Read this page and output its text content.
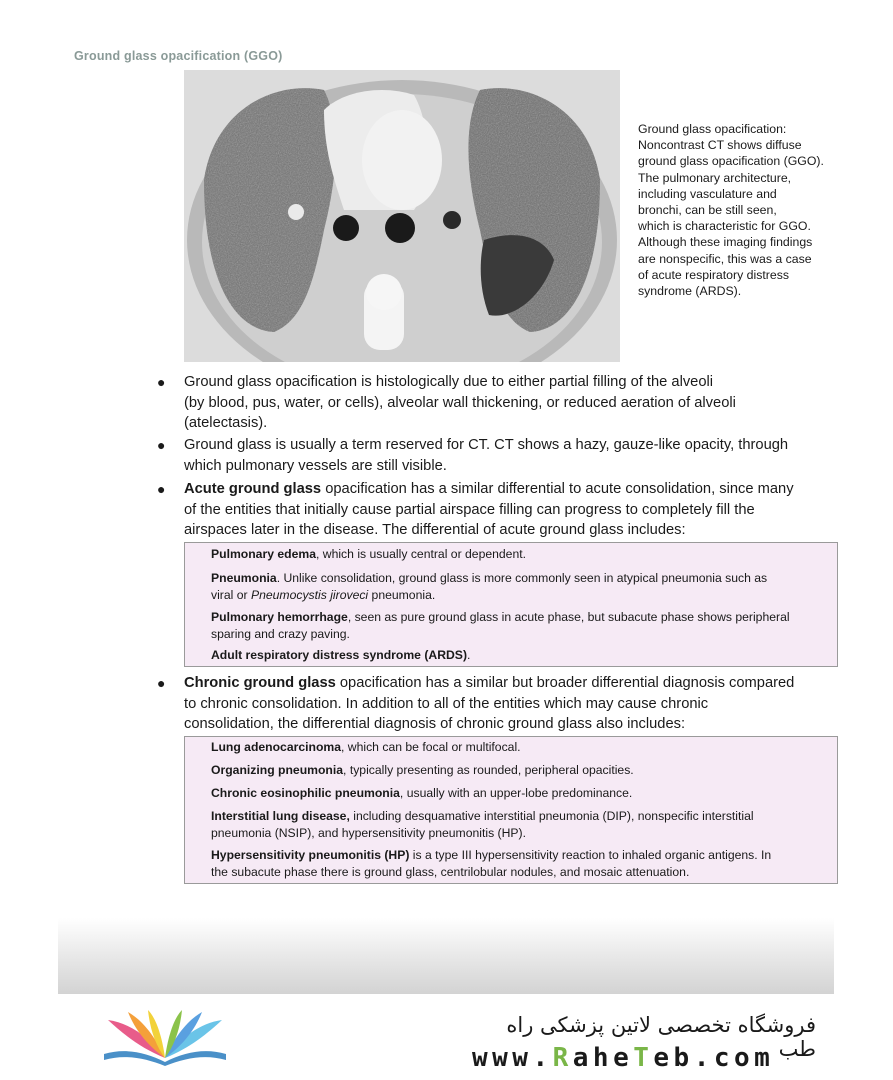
Ground glass opacification (GGO)
Ground glass opacification:
Noncontrast CT shows diffuse
ground glass opacification (GGO).
The pulmonary architecture,
including vasculature and
bronchi, can be still seen,
which is characteristic for GGO.
Although these imaging findings
are nonspecific, this was a case
of acute respiratory distress
syndrome (ARDS).
● Ground glass opacification is histologically due to either partial filling of the alveoli
(by blood, pus, water, or cells), alveolar wall thickening, or reduced aeration of alveoli
(atelectasis).
● Ground glass is usually a term reserved for CT. CT shows a hazy, gauze-like opacity, through
which pulmonary vessels are still visible.
● Acute ground glass opacification has a similar differential to acute consolidation, since many
of the entities that initially cause partial airspace filling can progress to completely fill the
airspaces later in the disease. The differential of acute ground glass includes:
Pulmonary edema, which is usually central or dependent.
Pneumonia. Unlike consolidation, ground glass is more commonly seen in atypical pneumonia such as
viral or Pneumocystis jiroveci pneumonia.
Pulmonary hemorrhage, seen as pure ground glass in acute phase, but subacute phase shows peripheral
sparing and crazy paving.
Adult respiratory distress syndrome (ARDS).
● Chronic ground glass opacification has a similar but broader differential diagnosis compared
to chronic consolidation. In addition to all of the entities which may cause chronic
consolidation, the differential diagnosis of chronic ground glass also includes:
Lung adenocarcinoma, which can be focal or multifocal.
Organizing pneumonia, typically presenting as rounded, peripheral opacities.
Chronic eosinophilic pneumonia, usually with an upper-lobe predominance.
Interstitial lung disease, including desquamative interstitial pneumonia (DIP), nonspecific interstitial
pneumonia (NSIP), and hypersensitivity pneumonitis (HP).
Hypersensitivity pneumonitis (HP) is a type III hypersensitivity reaction to inhaled organic antigens. In
the subacute phase there is ground glass, centrilobular nodules, and mosaic attenuation.
فروشگاه تخصصی لاتین پزشکی راه طب
www.RaheTeb.com
